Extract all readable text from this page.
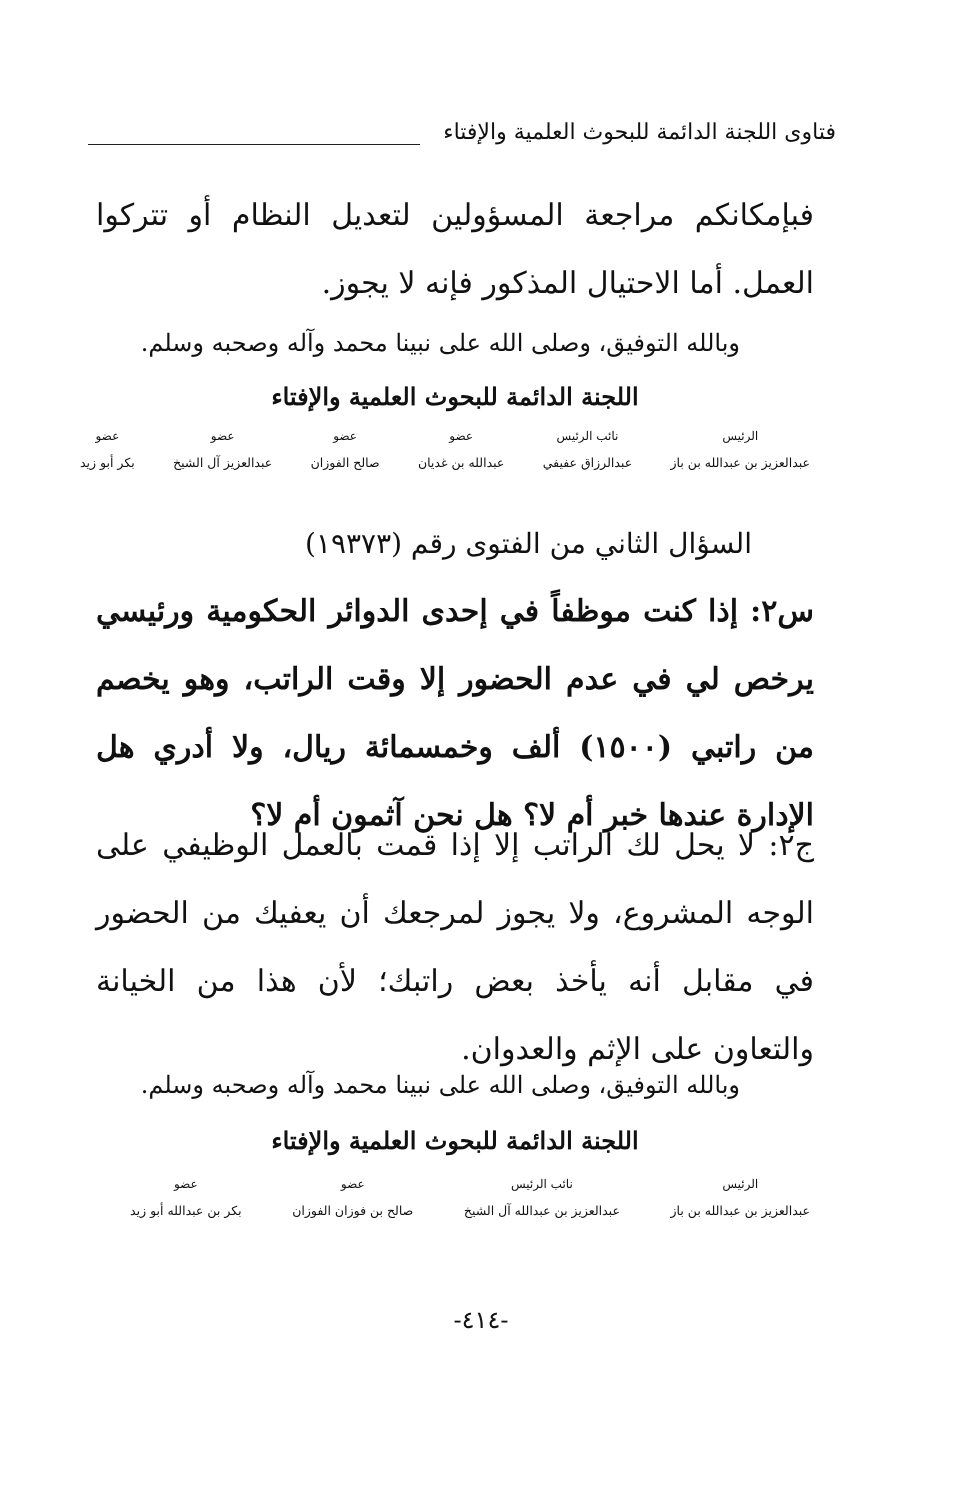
فتاوى اللجنة الدائمة للبحوث العلمية والإفتاء
فبإمكانكم مراجعة المسؤولين لتعديل النظام أو تتركوا العمل. أما الاحتيال المذكور فإنه لا يجوز.
وبالله التوفيق، وصلى الله على نبينا محمد وآله وصحبه وسلم.
اللجنة الدائمة للبحوث العلمية والإفتاء
عضو
بكر أبو زيد
عضو
عبدالعزيز آل الشيخ
عضو
صالح الفوزان
عضو
عبدالله بن غديان
نائب الرئيس
عبدالرزاق عفيفي
الرئيس
عبدالعزيز بن عبدالله بن باز
السؤال الثاني من الفتوى رقم (١٩٣٧٣)
س٢: إذا كنت موظفاً في إحدى الدوائر الحكومية ورئيسي يرخص لي في عدم الحضور إلا وقت الراتب، وهو يخصم من راتبي (١٥٠٠) ألف وخمسمائة ريال، ولا أدري هل الإدارة عندها خبر أم لا؟ هل نحن آثمون أم لا؟
ج٢: لا يحل لك الراتب إلا إذا قمت بالعمل الوظيفي على الوجه المشروع، ولا يجوز لمرجعك أن يعفيك من الحضور في مقابل أنه يأخذ بعض راتبك؛ لأن هذا من الخيانة والتعاون على الإثم والعدوان.
وبالله التوفيق، وصلى الله على نبينا محمد وآله وصحبه وسلم.
اللجنة الدائمة للبحوث العلمية والإفتاء
عضو
بكر بن عبدالله أبو زيد
عضو
صالح بن فوزان الفوزان
نائب الرئيس
عبدالعزيز بن عبدالله آل الشيخ
الرئيس
عبدالعزيز بن عبدالله بن باز
-٤١٤-
